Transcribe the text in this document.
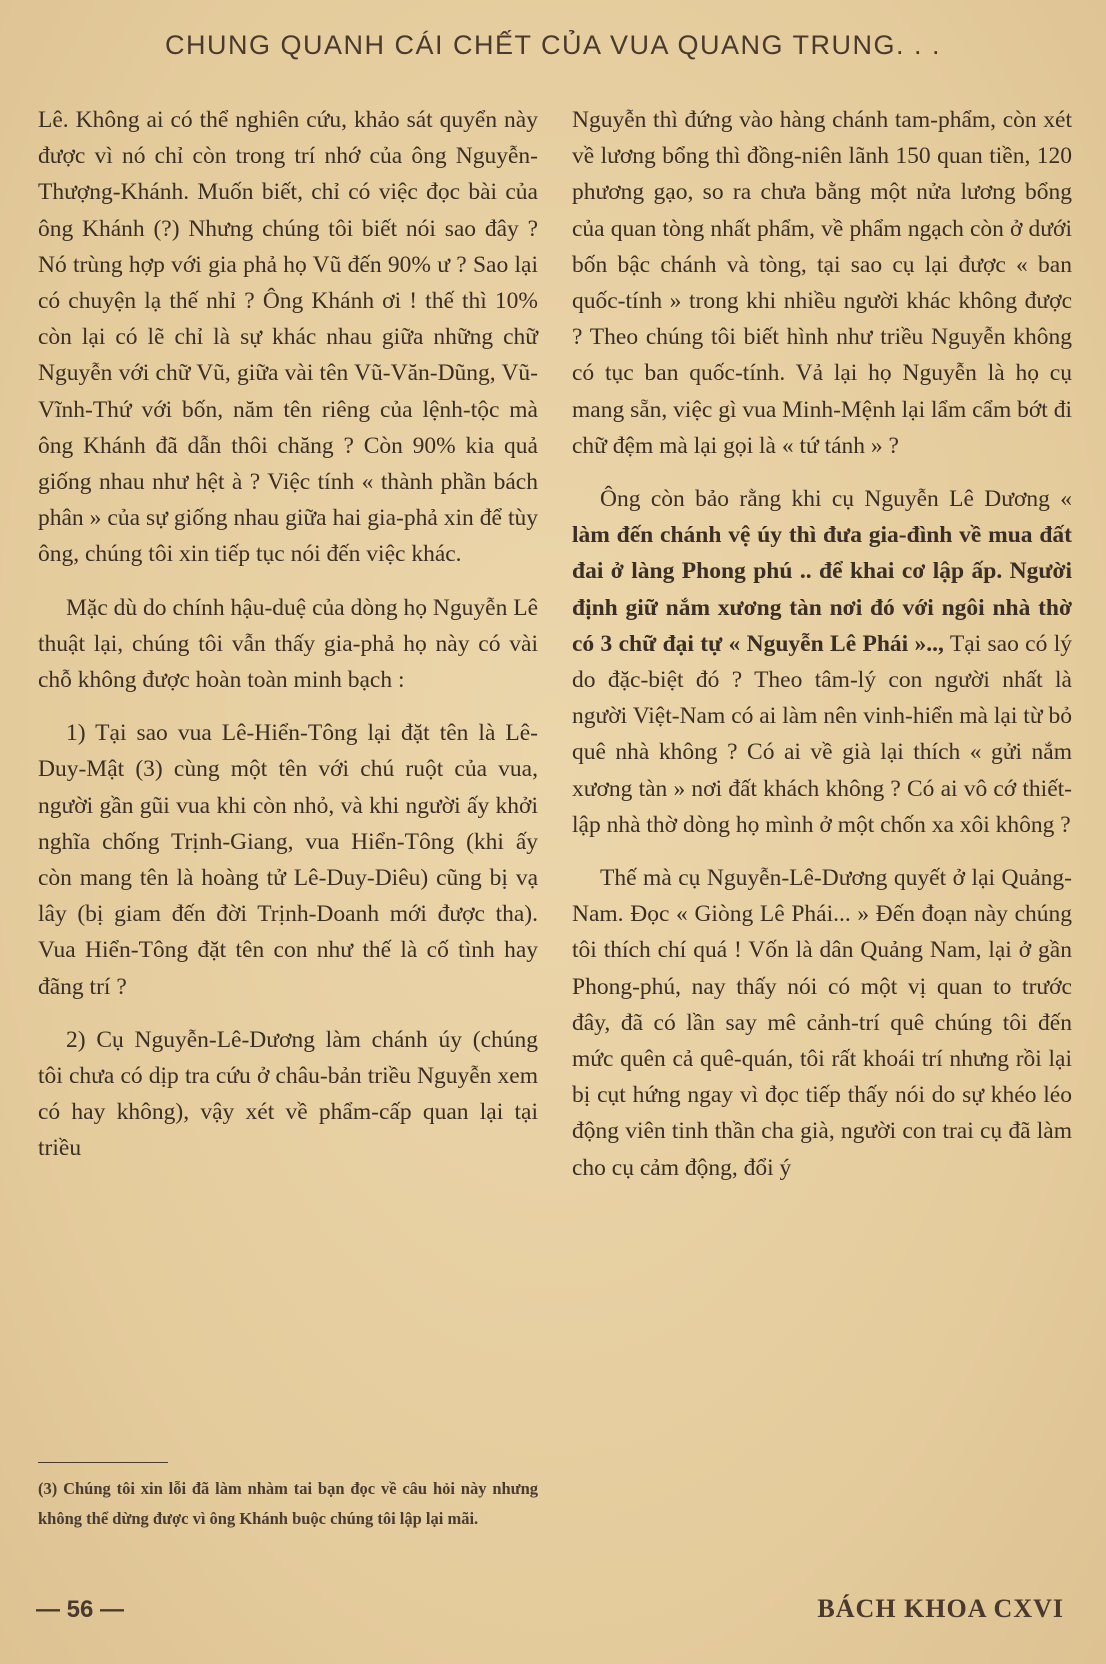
CHUNG QUANH CÁI CHẾT CỦA VUA QUANG TRUNG. . .

Lê. Không ai có thể nghiên cứu, khảo sát quyển này được vì nó chỉ còn trong trí nhớ của ông Nguyễn-Thượng-Khánh. Muốn biết, chỉ có việc đọc bài của ông Khánh (?) Nhưng chúng tôi biết nói sao đây ? Nó trùng hợp với gia phả họ Vũ đến 90% ư ? Sao lại có chuyện lạ thế nhỉ ? Ông Khánh ơi ! thế thì 10% còn lại có lẽ chỉ là sự khác nhau giữa những chữ Nguyễn với chữ Vũ, giữa vài tên Vũ-Văn-Dũng, Vũ-Vĩnh-Thứ với bốn, năm tên riêng của lệnh-tộc mà ông Khánh đã dẫn thôi chăng ? Còn 90% kia quả giống nhau như hệt à ? Việc tính « thành phần bách phân » của sự giống nhau giữa hai gia-phả xin để tùy ông, chúng tôi xin tiếp tục nói đến việc khác.

Mặc dù do chính hậu-duệ của dòng họ Nguyễn Lê thuật lại, chúng tôi vẫn thấy gia-phả họ này có vài chỗ không được hoàn toàn minh bạch :

1) Tại sao vua Lê-Hiển-Tông lại đặt tên là Lê-Duy-Mật (3) cùng một tên với chú ruột của vua, người gần gũi vua khi còn nhỏ, và khi người ấy khởi nghĩa chống Trịnh-Giang, vua Hiển-Tông (khi ấy còn mang tên là hoàng tử Lê-Duy-Diêu) cũng bị vạ lây (bị giam đến đời Trịnh-Doanh mới được tha). Vua Hiển-Tông đặt tên con như thế là cố tình hay đãng trí ?

2) Cụ Nguyễn-Lê-Dương làm chánh úy (chúng tôi chưa có dịp tra cứu ở châu-bản triều Nguyễn xem có hay không), vậy xét về phẩm-cấp quan lại tại triều

(3) Chúng tôi xin lỗi đã làm nhàm tai bạn đọc về câu hỏi này nhưng không thể dừng được vì ông Khánh buộc chúng tôi lập lại mãi.

Nguyễn thì đứng vào hàng chánh tam-phẩm, còn xét về lương bổng thì đồng-niên lãnh 150 quan tiền, 120 phương gạo, so ra chưa bằng một nửa lương bổng của quan tòng nhất phẩm, về phẩm ngạch còn ở dưới bốn bậc chánh và tòng, tại sao cụ lại được « ban quốc-tính » trong khi nhiều người khác không được ? Theo chúng tôi biết hình như triều Nguyễn không có tục ban quốc-tính. Vả lại họ Nguyễn là họ cụ mang sẵn, việc gì vua Minh-Mệnh lại lẩm cẩm bớt đi chữ đệm mà lại gọi là « tứ tánh » ?

Ông còn bảo rằng khi cụ Nguyễn Lê Dương « làm đến chánh vệ úy thì đưa gia-đình về mua đất đai ở làng Phong phú .. để khai cơ lập ấp. Người định giữ nắm xương tàn nơi đó với ngôi nhà thờ có 3 chữ đại tự « Nguyễn Lê Phái ».., Tại sao có lý do đặc-biệt đó ? Theo tâm-lý con người nhất là người Việt-Nam có ai làm nên vinh-hiển mà lại từ bỏ quê nhà không ? Có ai về già lại thích « gửi nắm xương tàn » nơi đất khách không ? Có ai vô cớ thiết-lập nhà thờ dòng họ mình ở một chốn xa xôi không ?

Thế mà cụ Nguyễn-Lê-Dương quyết ở lại Quảng-Nam. Đọc « Giòng Lê Phái... » Đến đoạn này chúng tôi thích chí quá ! Vốn là dân Quảng Nam, lại ở gần Phong-phú, nay thấy nói có một vị quan to trước đây, đã có lần say mê cảnh-trí quê chúng tôi đến mức quên cả quê-quán, tôi rất khoái trí nhưng rồi lại bị cụt hứng ngay vì đọc tiếp thấy nói do sự khéo léo động viên tinh thần cha già, người con trai cụ đã làm cho cụ cảm động, đổi ý

— 56 —	BÁCH KHOA CXVI
